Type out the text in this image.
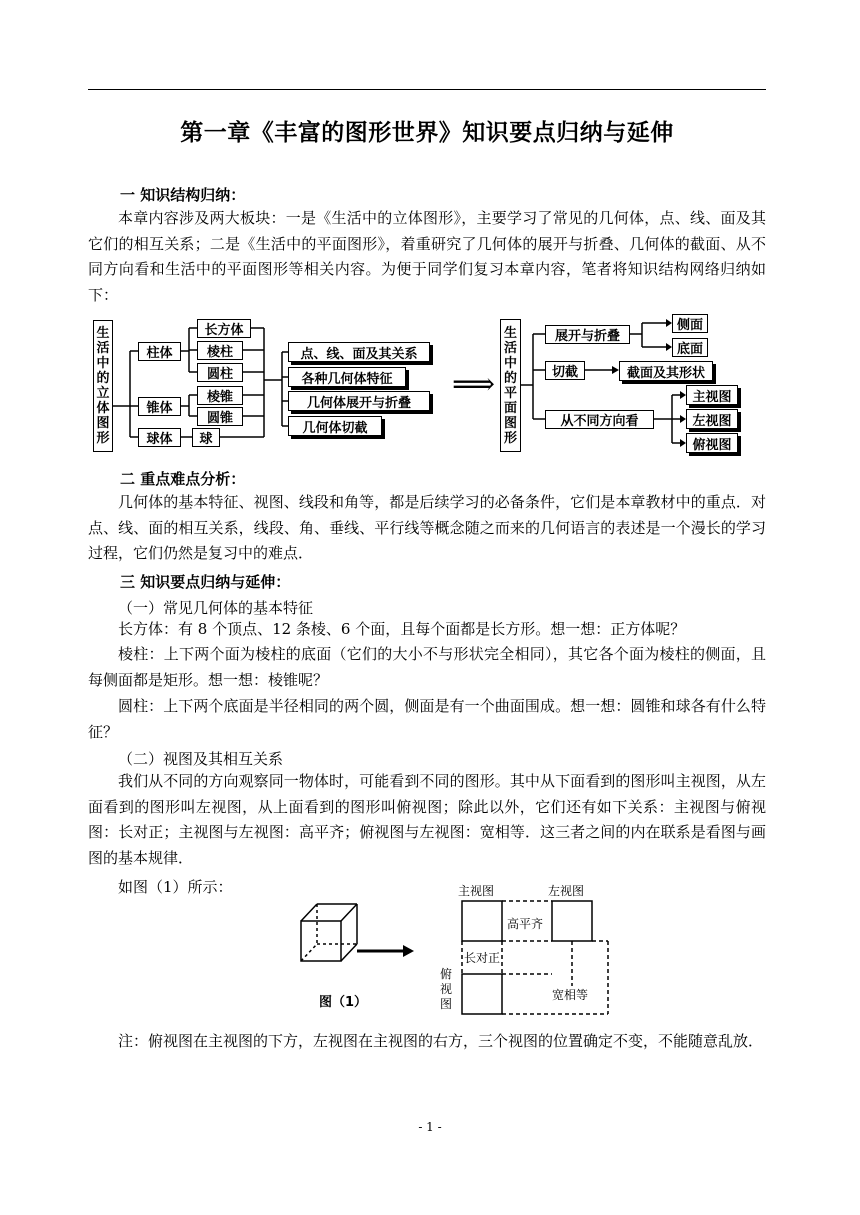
第一章《丰富的图形世界》知识要点归纳与延伸
一 知识结构归纳：
本章内容涉及两大板块：一是《生活中的立体图形》，主要学习了常见的几何体，点、线、面及其它们的相互关系；二是《生活中的平面图形》，着重研究了几何体的展开与折叠、几何体的截面、从不同方向看和生活中的平面图形等相关内容。为便于同学们复习本章内容，笔者将知识结构网络归纳如下：
生
活
中
的
立
体
图
形
柱体
锥体
球体
长方体
棱柱
圆柱
棱锥
圆锥
球
点、线、面及其关系
各种几何体特征
几何体展开与折叠
几何体切截
⟹
生
活
中
的
平
面
图
形
展开与折叠
侧面
底面
切截	截面及其形状
从不同方向看
主视图
左视图
俯视图
二 重点难点分析：
几何体的基本特征、视图、线段和角等，都是后续学习的必备条件，它们是本章教材中的重点．对点、线、面的相互关系，线段、角、垂线、平行线等概念随之而来的几何语言的表述是一个漫长的学习过程，它们仍然是复习中的难点．
三 知识要点归纳与延伸：
（一）常见几何体的基本特征
长方体：有 8 个顶点、12 条棱、6 个面，且每个面都是长方形。想一想：正方体呢？
棱柱：上下两个面为棱柱的底面（它们的大小不与形状完全相同），其它各个面为棱柱的侧面，且每侧面都是矩形。想一想：棱锥呢？
圆柱：上下两个底面是半径相同的两个圆，侧面是有一个曲面围成。想一想：圆锥和球各有什么特征？
（二）视图及其相互关系
我们从不同的方向观察同一物体时，可能看到不同的图形。其中从下面看到的图形叫主视图，从左面看到的图形叫左视图，从上面看到的图形叫俯视图；除此以外，它们还有如下关系：主视图与俯视图：长对正；主视图与左视图：高平齐；俯视图与左视图：宽相等．这三者之间的内在联系是看图与画图的基本规律．
如图（1）所示：
图（1）
主视图	左视图
高平齐
长对正
宽相等
俯
视
图
注：俯视图在主视图的下方，左视图在主视图的右方，三个视图的位置确定不变，不能随意乱放．
- 1 -
